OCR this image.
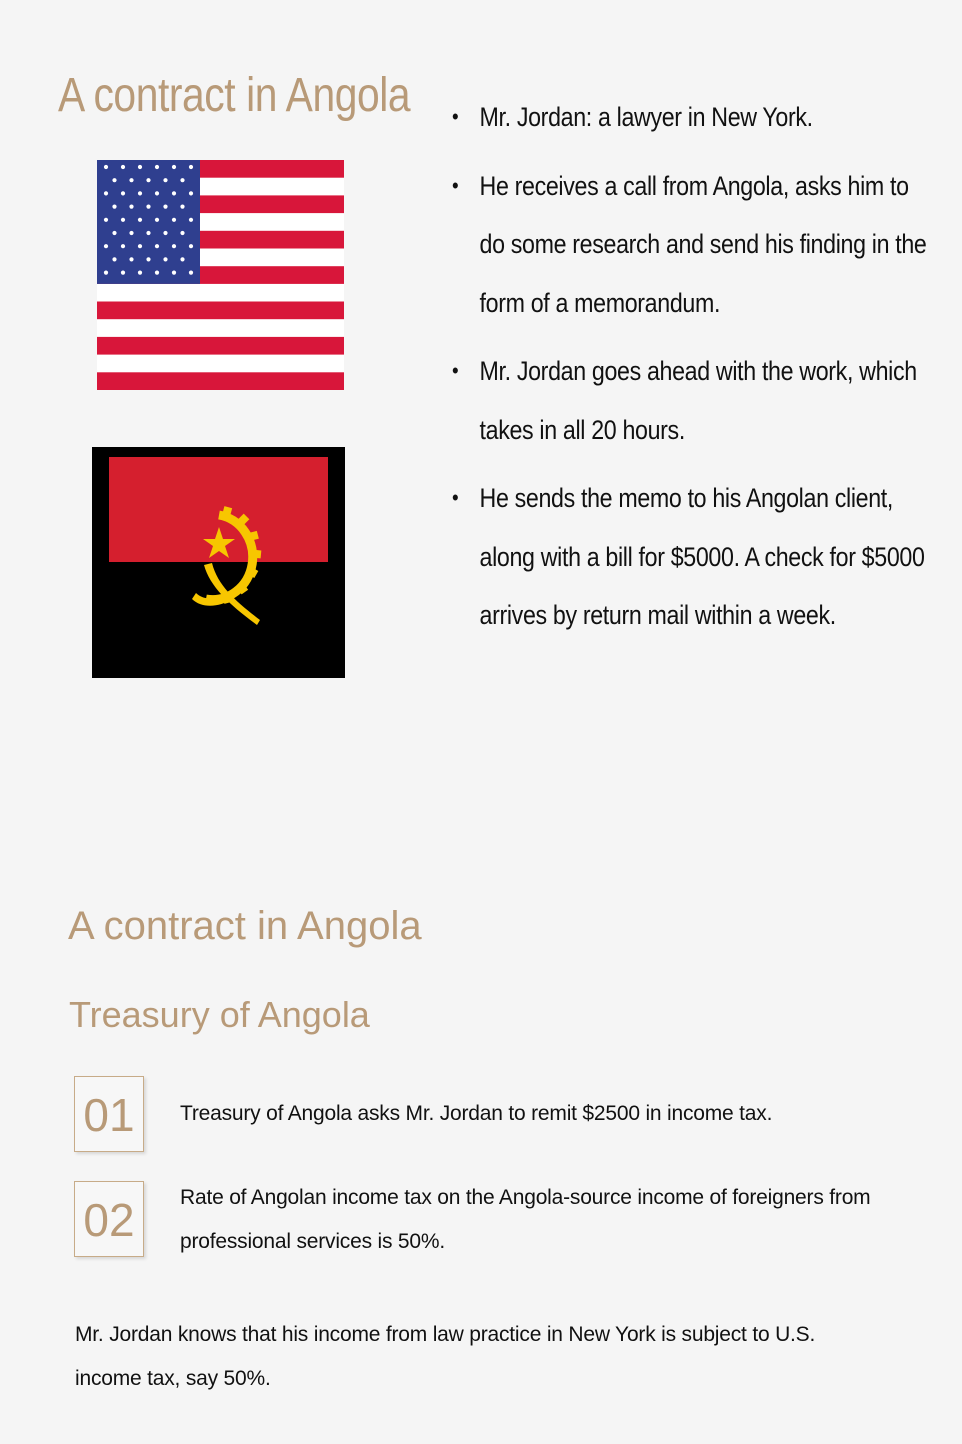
A contract in Angola
•	Mr. Jordan: a lawyer in New York.
• He receives a call from Angola, asks him to do some research and send his finding in the form of a memorandum.
• Mr. Jordan goes ahead with the work, which takes in all 20 hours.
• He sends the memo to his Angolan client, along with a bill for $5000. A check for $5000 arrives by return mail within a week.
A contract in Angola
Treasury of Angola
01	Treasury of Angola asks Mr. Jordan to remit $2500 in income tax.
02	Rate of Angolan income tax on the Angola-source income of foreigners from professional services is 50%.
Mr. Jordan knows that his income from law practice in New York is subject to U.S. income tax, say 50%.
